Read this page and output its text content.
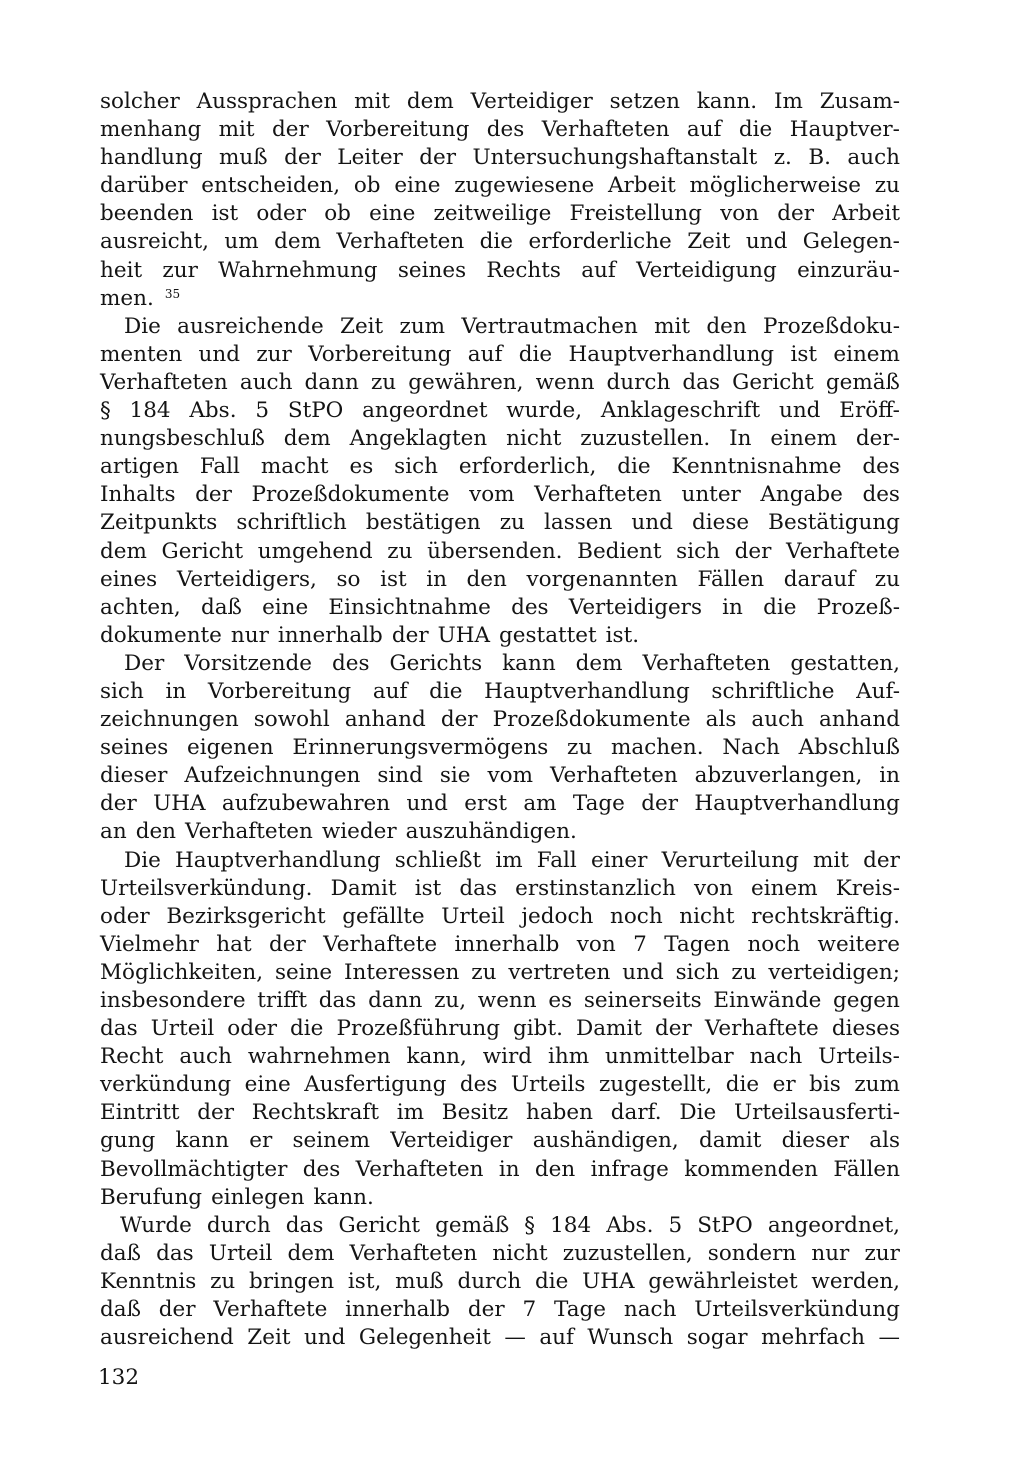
solcher Aussprachen mit dem Verteidiger setzen kann. Im Zusam-
menhang mit der Vorbereitung des Verhafteten auf die Hauptver-
handlung muß der Leiter der Untersuchungshaftanstalt z. B. auch
darüber entscheiden, ob eine zugewiesene Arbeit möglicherweise zu
beenden ist oder ob eine zeitweilige Freistellung von der Arbeit
ausreicht, um dem Verhafteten die erforderliche Zeit und Gelegen-
heit zur Wahrnehmung seines Rechts auf Verteidigung einzuräu-
men. 35
Die ausreichende Zeit zum Vertrautmachen mit den Prozeßdoku-
menten und zur Vorbereitung auf die Hauptverhandlung ist einem
Verhafteten auch dann zu gewähren, wenn durch das Gericht gemäß
§ 184 Abs. 5 StPO angeordnet wurde, Anklageschrift und Eröff-
nungsbeschluß dem Angeklagten nicht zuzustellen. In einem der-
artigen Fall macht es sich erforderlich, die Kenntnisnahme des
Inhalts der Prozeßdokumente vom Verhafteten unter Angabe des
Zeitpunkts schriftlich bestätigen zu lassen und diese Bestätigung
dem Gericht umgehend zu übersenden. Bedient sich der Verhaftete
eines Verteidigers, so ist in den vorgenannten Fällen darauf zu
achten, daß eine Einsichtnahme des Verteidigers in die Prozeß-
dokumente nur innerhalb der UHA gestattet ist.
Der Vorsitzende des Gerichts kann dem Verhafteten gestatten,
sich in Vorbereitung auf die Hauptverhandlung schriftliche Auf-
zeichnungen sowohl anhand der Prozeßdokumente als auch anhand
seines eigenen Erinnerungsvermögens zu machen. Nach Abschluß
dieser Aufzeichnungen sind sie vom Verhafteten abzuverlangen, in
der UHA aufzubewahren und erst am Tage der Hauptverhandlung
an den Verhafteten wieder auszuhändigen.
Die Hauptverhandlung schließt im Fall einer Verurteilung mit der
Urteilsverkündung. Damit ist das erstinstanzlich von einem Kreis-
oder Bezirksgericht gefällte Urteil jedoch noch nicht rechtskräftig.
Vielmehr hat der Verhaftete innerhalb von 7 Tagen noch weitere
Möglichkeiten, seine Interessen zu vertreten und sich zu verteidigen;
insbesondere trifft das dann zu, wenn es seinerseits Einwände gegen
das Urteil oder die Prozeßführung gibt. Damit der Verhaftete dieses
Recht auch wahrnehmen kann, wird ihm unmittelbar nach Urteils-
verkündung eine Ausfertigung des Urteils zugestellt, die er bis zum
Eintritt der Rechtskraft im Besitz haben darf. Die Urteilsausferti-
gung kann er seinem Verteidiger aushändigen, damit dieser als
Bevollmächtigter des Verhafteten in den infrage kommenden Fällen
Berufung einlegen kann.
Wurde durch das Gericht gemäß § 184 Abs. 5 StPO angeordnet,
daß das Urteil dem Verhafteten nicht zuzustellen, sondern nur zur
Kenntnis zu bringen ist, muß durch die UHA gewährleistet werden,
daß der Verhaftete innerhalb der 7 Tage nach Urteilsverkündung
ausreichend Zeit und Gelegenheit — auf Wunsch sogar mehrfach —
132
